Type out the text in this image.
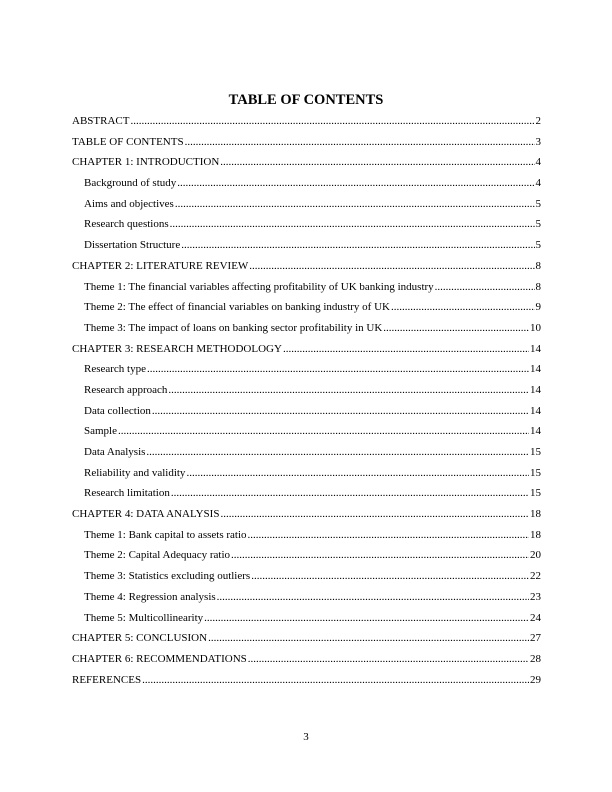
TABLE OF CONTENTS
ABSTRACT .....	2
TABLE OF CONTENTS .....	3
CHAPTER 1: INTRODUCTION .....	4
Background of study .....	4
Aims and objectives .....	5
Research questions .....	5
Dissertation Structure .....	5
CHAPTER 2: LITERATURE REVIEW .....	8
Theme 1: The financial variables affecting profitability of UK banking industry .....	8
Theme 2: The effect of financial variables on banking industry of UK .....	9
Theme 3: The impact of loans on banking sector profitability in UK .....	10
CHAPTER 3: RESEARCH METHODOLOGY .....	14
Research type .....	14
Research approach .....	14
Data collection .....	14
Sample .....	14
Data Analysis .....	15
Reliability and validity .....	15
Research limitation .....	15
CHAPTER 4: DATA ANALYSIS .....	18
Theme 1: Bank capital to assets ratio .....	18
Theme 2: Capital Adequacy ratio .....	20
Theme 3: Statistics excluding outliers .....	22
Theme 4: Regression analysis .....	23
Theme 5: Multicollinearity .....	24
CHAPTER 5: CONCLUSION .....	27
CHAPTER 6: RECOMMENDATIONS .....	28
REFERENCES .....	29
3
